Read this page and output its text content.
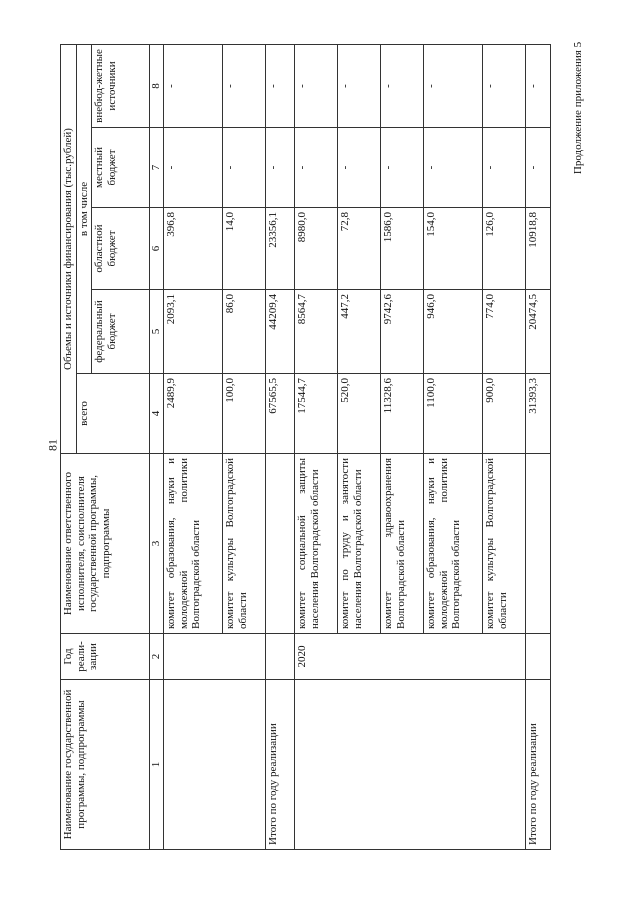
81
Продолжение приложения 5
Наименование государственной программы, подпрограммы	Год реали-зации	Наименование ответственного исполнителя, соисполнителя государственной программы, подпрограммы	Объемы и источники финансирования (тыс.рублей)				
			всего	в том числе			
				федеральный бюджет	областной бюджет	местный бюджет	внебюд-жетные источники
1	2	3	4	5	6	7	8
		комитет образования, науки и молодежной политики Волгоградской области	2489,9	2093,1	396,8	-	-
		комитет культуры Волгоградской области	100,0	86,0	14,0	-	-
Итого по году реализации			67565,5	44209,4	23356,1	-	-
	2020	комитет социальной защиты населения Волгоградской области	17544,7	8564,7	8980,0	-	-
		комитет по труду и занятости населения Волгоградской области	520,0	447,2	72,8	-	-
		комитет здравоохранения Волгоградской области	11328,6	9742,6	1586,0	-	-
		комитет образования, науки и молодежной политики Волгоградской области	1100,0	946,0	154,0	-	-
		комитет культуры Волгоградской области	900,0	774,0	126,0	-	-
Итого по году реализации			31393,3	20474,5	10918,8	-	-
